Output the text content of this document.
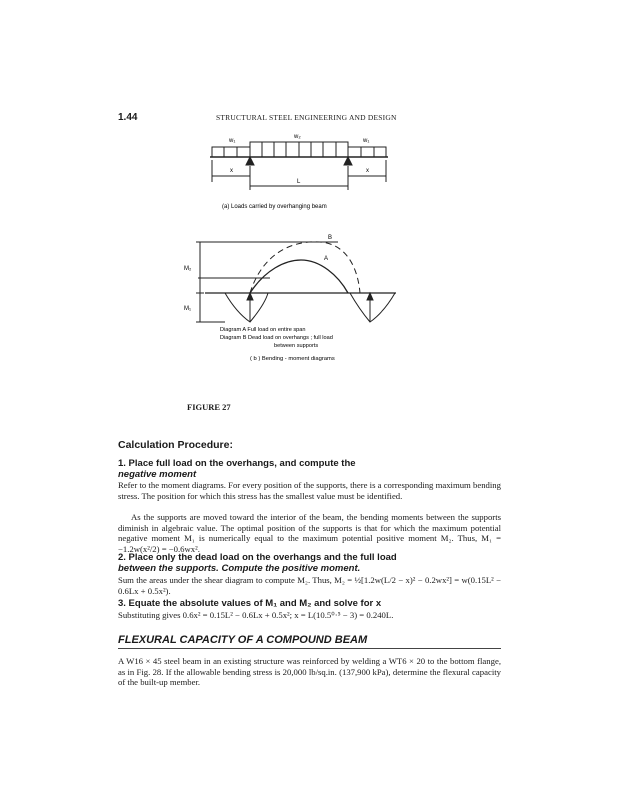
1.44	STRUCTURAL STEEL ENGINEERING AND DESIGN
w₁
w₂
w₁
x	x
L
(a) Loads carried by overhanging beam
B
A
M₂
M₁
Diagram A Full load on entire span
Diagram B Dead load on overhangs ; full load
between supports
( b ) Bending - moment diagrams
FIGURE 27
Calculation Procedure:
1. Place full load on the overhangs, and compute the
negative moment
Refer to the moment diagrams. For every position of the supports, there is a corresponding maximum bending stress. The position for which this stress has the smallest value must be identified.
As the supports are moved toward the interior of the beam, the bending moments between the supports diminish in algebraic value. The optimal position of the supports is that for which the maximum potential negative moment M₁ is numerically equal to the maximum potential positive moment M₂. Thus, M₁ = −1.2w(x²/2) = −0.6wx².
2. Place only the dead load on the overhangs and the full load
between the supports. Compute the positive moment.
Sum the areas under the shear diagram to compute M₂. Thus, M₂ = ½[1.2w(L/2 − x)² − 0.2wx²] = w(0.15L² − 0.6Lx + 0.5x²).
3. Equate the absolute values of M₁ and M₂ and solve for x
Substituting gives 0.6x² = 0.15L² − 0.6Lx + 0.5x²; x = L(10.5⁰·⁵ − 3) = 0.240L.
FLEXURAL CAPACITY OF A COMPOUND BEAM
A W16 × 45 steel beam in an existing structure was reinforced by welding a WT6 × 20 to the bottom flange, as in Fig. 28. If the allowable bending stress is 20,000 lb/sq.in. (137,900 kPa), determine the flexural capacity of the built-up member.
